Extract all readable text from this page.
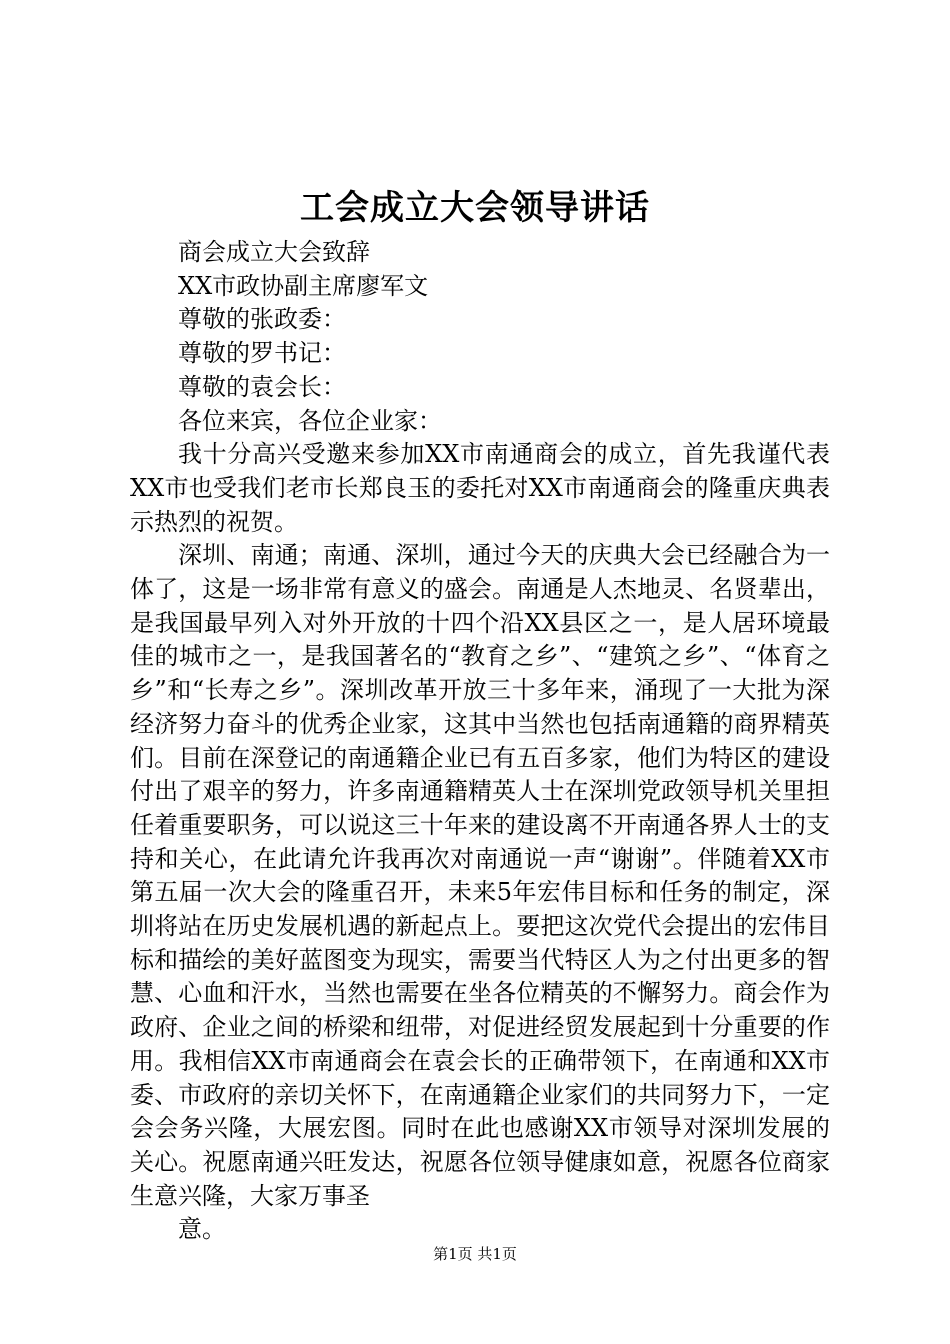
工会成立大会领导讲话

商会成立大会致辞

XX市政协副主席廖军文

尊敬的张政委：

尊敬的罗书记：

尊敬的袁会长：

各位来宾，各位企业家：

我十分高兴受邀来参加XX市南通商会的成立，首先我谨代表XX市也受我们老市长郑良玉的委托对XX市南通商会的隆重庆典表示热烈的祝贺。

深圳、南通；南通、深圳，通过今天的庆典大会已经融合为一体了，这是一场非常有意义的盛会。南通是人杰地灵、名贤辈出，是我国最早列入对外开放的十四个沿XX县区之一，是人居环境最佳的城市之一，是我国著名的“教育之乡”、“建筑之乡”、“体育之乡”和“长寿之乡”。深圳改革开放三十多年来，涌现了一大批为深经济努力奋斗的优秀企业家，这其中当然也包括南通籍的商界精英们。目前在深登记的南通籍企业已有五百多家，他们为特区的建设付出了艰辛的努力，许多南通籍精英人士在深圳党政领导机关里担任着重要职务，可以说这三十年来的建设离不开南通各界人士的支持和关心，在此请允许我再次对南通说一声“谢谢”。伴随着XX市第五届一次大会的隆重召开，未来5年宏伟目标和任务的制定，深圳将站在历史发展机遇的新起点上。要把这次党代会提出的宏伟目标和描绘的美好蓝图变为现实，需要当代特区人为之付出更多的智慧、心血和汗水，当然也需要在坐各位精英的不懈努力。商会作为政府、企业之间的桥梁和纽带，对促进经贸发展起到十分重要的作用。我相信XX市南通商会在袁会长的正确带领下，在南通和XX市委、市政府的亲切关怀下，在南通籍企业家们的共同努力下，一定会会务兴隆，大展宏图。同时在此也感谢XX市领导对深圳发展的关心。祝愿南通兴旺发达，祝愿各位领导健康如意，祝愿各位商家生意兴隆，大家万事圣

意。

第1页 共1页
